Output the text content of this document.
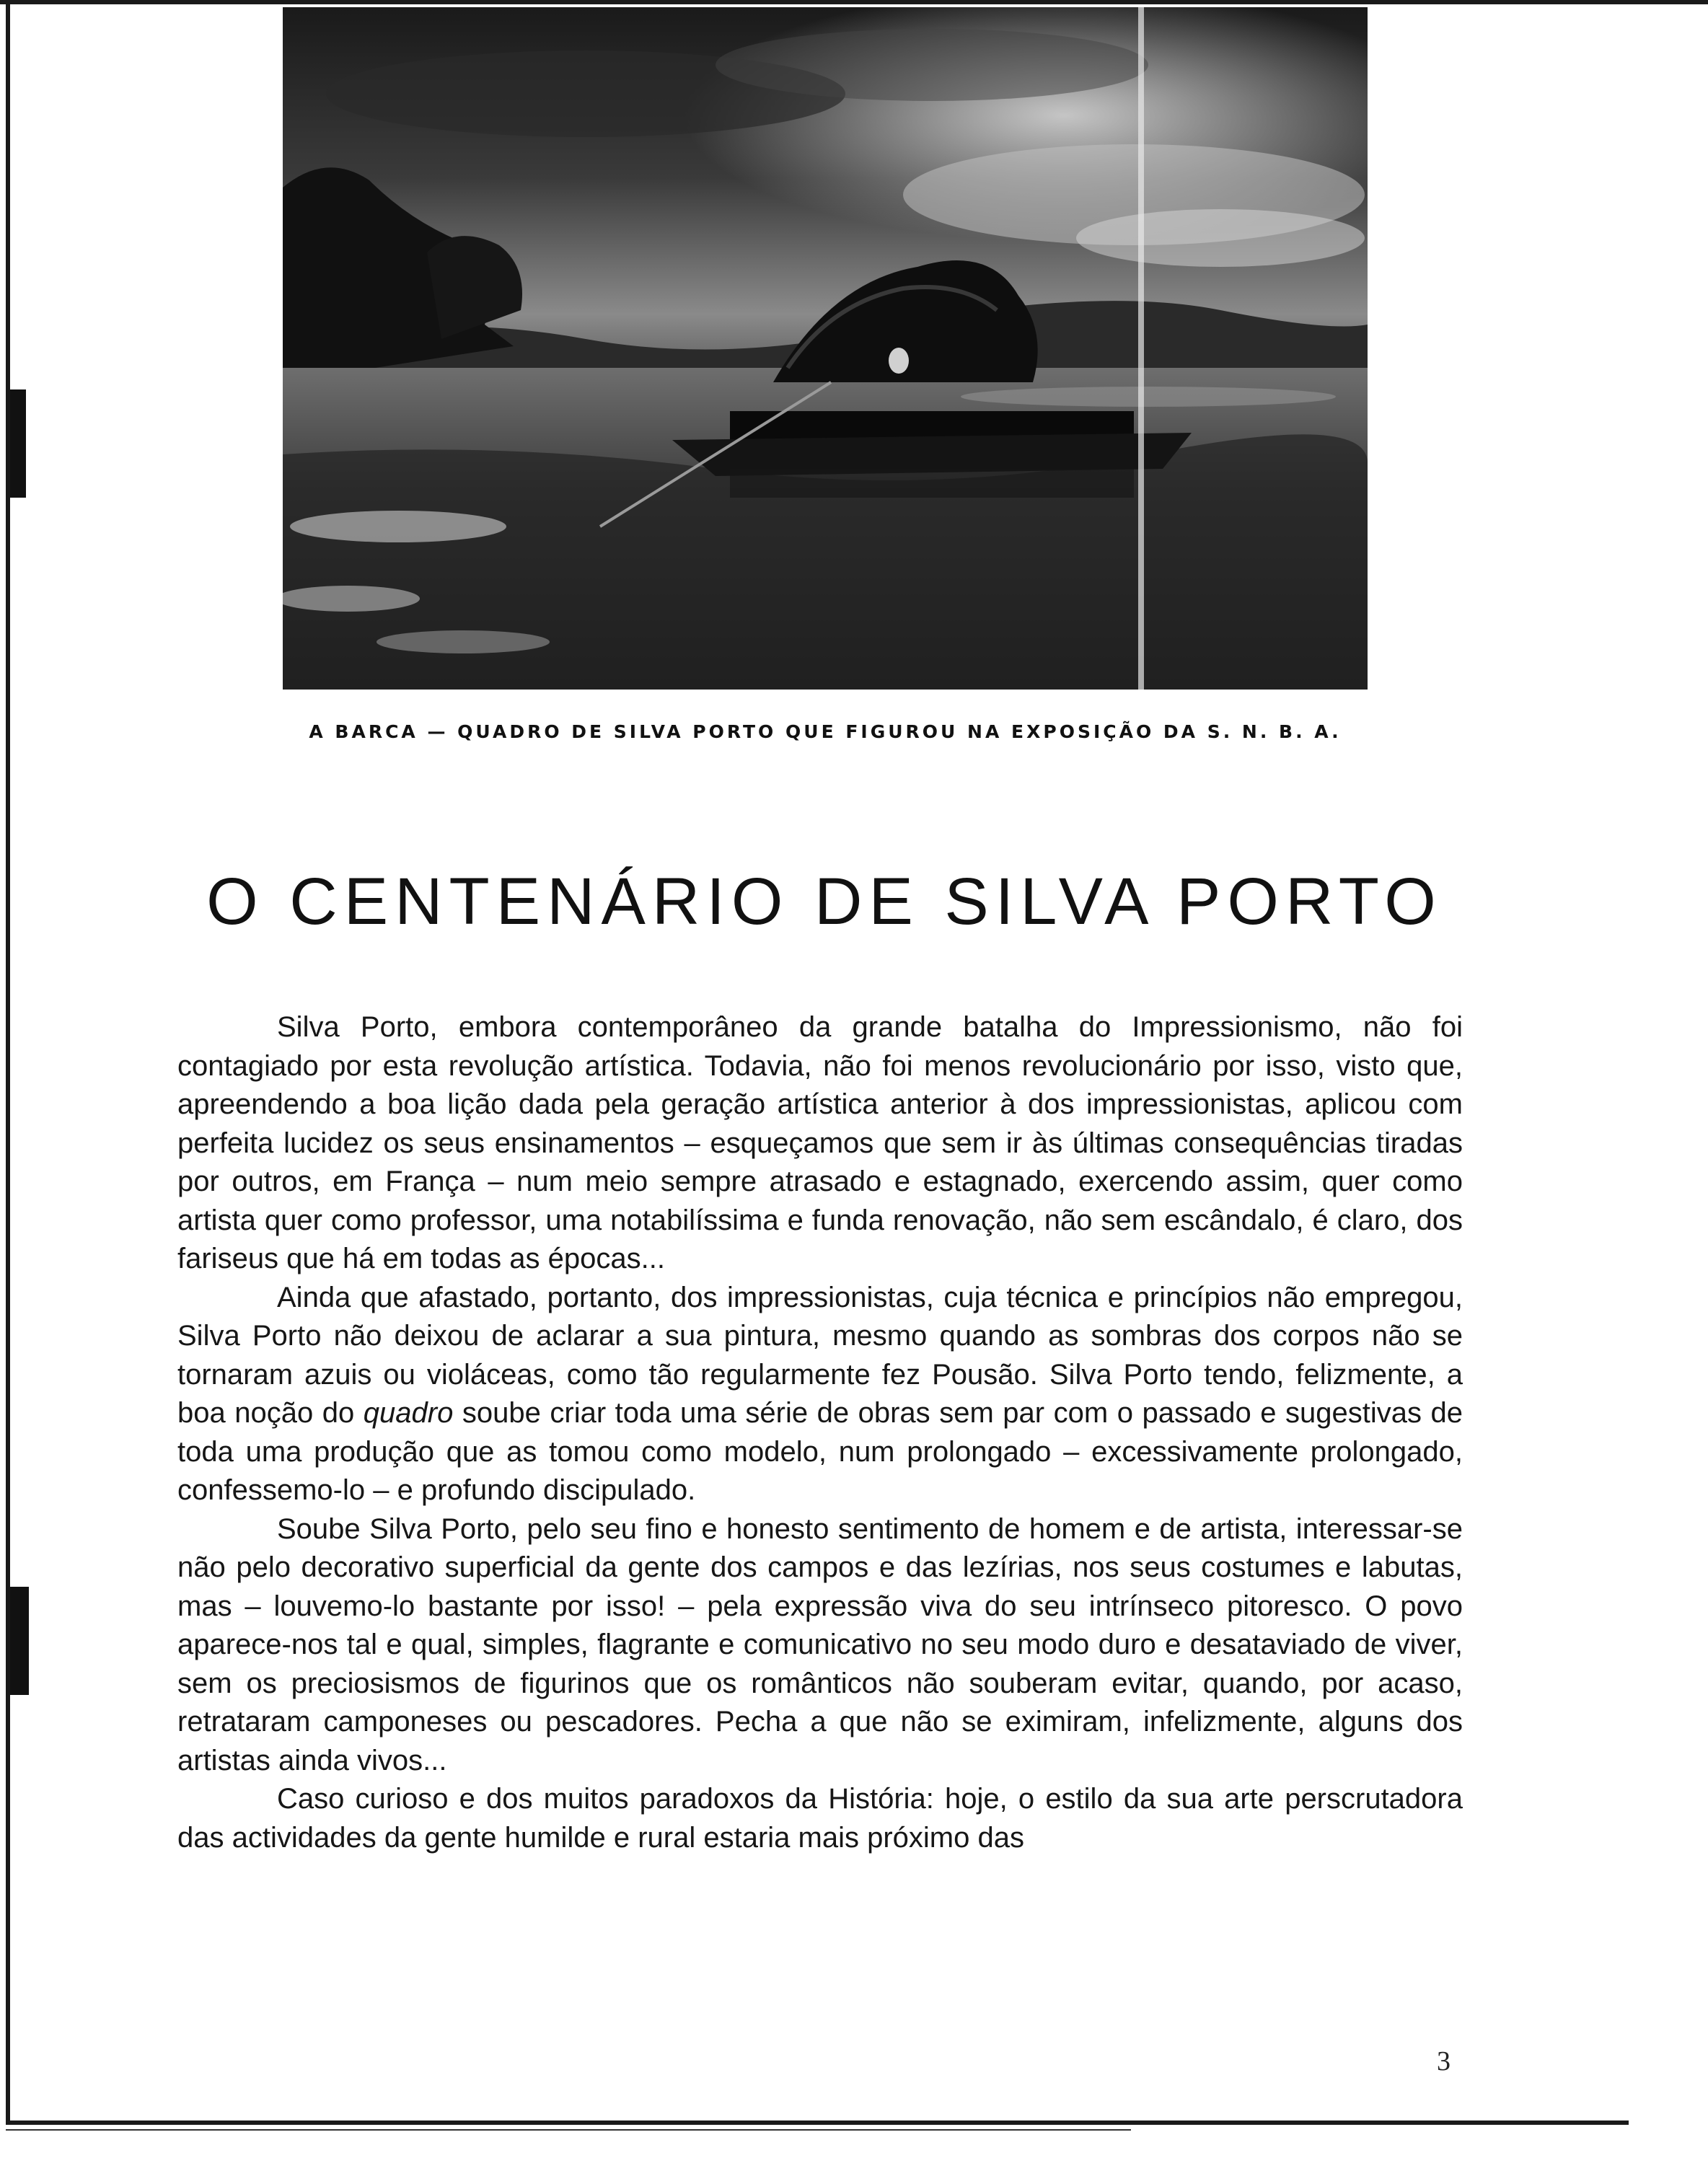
A BARCA — QUADRO DE SILVA PORTO QUE FIGUROU NA EXPOSIÇÃO DA S. N. B. A.
O CENTENÁRIO DE SILVA PORTO

Silva Porto, embora contemporâneo da grande batalha do Impressionismo, não foi contagiado por esta revolução artística. Todavia, não foi menos revolucionário por isso, visto que, apreendendo a boa lição dada pela geração artística anterior à dos impressionistas, aplicou com perfeita lucidez os seus ensinamentos – esqueçamos que sem ir às últimas consequências tiradas por outros, em França – num meio sempre atrasado e estagnado, exercendo assim, quer como artista quer como professor, uma notabilíssima e funda renovação, não sem escândalo, é claro, dos fariseus que há em todas as épocas...

Ainda que afastado, portanto, dos impressionistas, cuja técnica e princípios não empregou, Silva Porto não deixou de aclarar a sua pintura, mesmo quando as sombras dos corpos não se tornaram azuis ou violáceas, como tão regularmente fez Pousão. Silva Porto tendo, felizmente, a boa noção do quadro soube criar toda uma série de obras sem par com o passado e sugestivas de toda uma produção que as tomou como modelo, num prolongado – excessivamente prolongado, confessemo-lo – e profundo discipulado.

Soube Silva Porto, pelo seu fino e honesto sentimento de homem e de artista, interessar-se não pelo decorativo superficial da gente dos campos e das lezírias, nos seus costumes e labutas, mas – louvemo-lo bastante por isso! – pela expressão viva do seu intrínseco pitoresco. O povo aparece-nos tal e qual, simples, flagrante e comunicativo no seu modo duro e desataviado de viver, sem os preciosismos de figurinos que os românticos não souberam evitar, quando, por acaso, retrataram camponeses ou pescadores. Pecha a que não se eximiram, infelizmente, alguns dos artistas ainda vivos...

Caso curioso e dos muitos paradoxos da História: hoje, o estilo da sua arte perscrutadora das actividades da gente humilde e rural estaria mais próximo das

3
